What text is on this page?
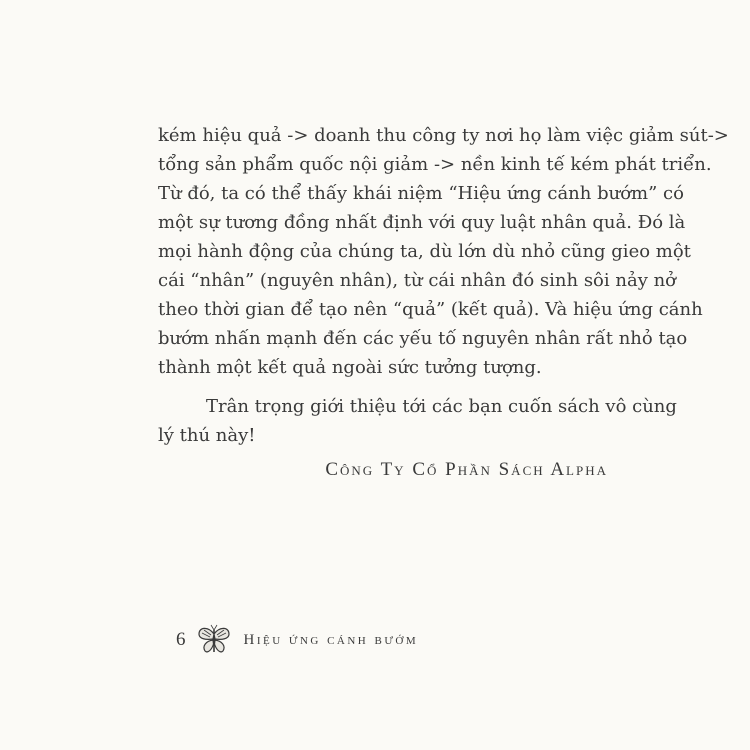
kém hiệu quả -> doanh thu công ty nơi họ làm việc giảm sút->
tổng sản phẩm quốc nội giảm -> nền kinh tế kém phát triển.
Từ đó, ta có thể thấy khái niệm “Hiệu ứng cánh bướm” có
một sự tương đồng nhất định với quy luật nhân quả. Đó là
mọi hành động của chúng ta, dù lớn dù nhỏ cũng gieo một
cái “nhân” (nguyên nhân), từ cái nhân đó sinh sôi nảy nở
theo thời gian để tạo nên “quả” (kết quả). Và hiệu ứng cánh
bướm nhấn mạnh đến các yếu tố nguyên nhân rất nhỏ tạo
thành một kết quả ngoài sức tưởng tượng.
Trân trọng giới thiệu tới các bạn cuốn sách vô cùng
lý thú này!
Công Ty Cổ Phần Sách Alpha
6	Hiệu ứng cánh bướm
